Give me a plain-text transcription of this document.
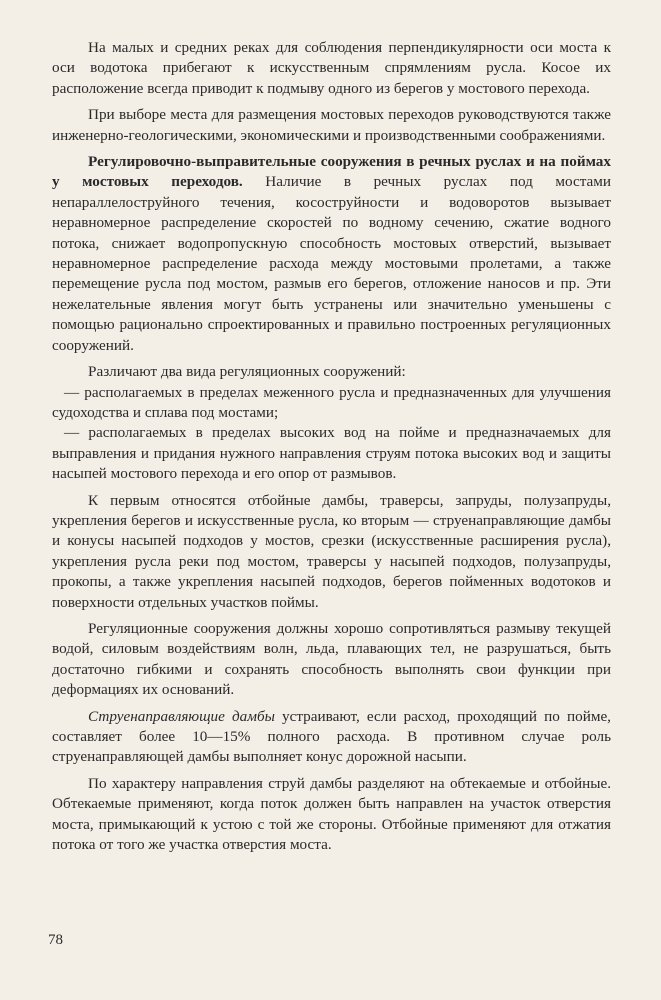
На малых и средних реках для соблюдения перпендикулярности оси моста к оси водотока прибегают к искусственным спрямлениям русла. Косое их расположение всегда приводит к подмыву одного из берегов у мостового перехода.

При выборе места для размещения мостовых переходов руководствуются также инженерно-геологическими, экономическими и производственными соображениями.

Регулировочно-выправительные сооружения в речных руслах и на поймах у мостовых переходов. Наличие в речных руслах под мостами непараллелоструйного течения, косоструйности и водоворотов вызывает неравномерное распределение скоростей по водному сечению, сжатие водного потока, снижает водопропускную способность мостовых отверстий, вызывает неравномерное распределение расхода между мостовыми пролетами, а также перемещение русла под мостом, размыв его берегов, отложение наносов и пр. Эти нежелательные явления могут быть устранены или значительно уменьшены с помощью рационально спроектированных и правильно построенных регуляционных сооружений.

Различают два вида регуляционных сооружений:

— располагаемых в пределах меженного русла и предназначенных для улучшения судоходства и сплава под мостами;

— располагаемых в пределах высоких вод на пойме и предназначаемых для выправления и придания нужного направления струям потока высоких вод и защиты насыпей мостового перехода и его опор от размывов.

К первым относятся отбойные дамбы, траверсы, запруды, полузапруды, укрепления берегов и искусственные русла, ко вторым — струенаправляющие дамбы и конусы насыпей подходов у мостов, срезки (искусственные расширения русла), укрепления русла реки под мостом, траверсы у насыпей подходов, полузапруды, прокопы, а также укрепления насыпей подходов, берегов пойменных водотоков и поверхности отдельных участков поймы.

Регуляционные сооружения должны хорошо сопротивляться размыву текущей водой, силовым воздействиям волн, льда, плавающих тел, не разрушаться, быть достаточно гибкими и сохранять способность выполнять свои функции при деформациях их оснований.

Струенаправляющие дамбы устраивают, если расход, проходящий по пойме, составляет более 10—15% полного расхода. В противном случае роль струенаправляющей дамбы выполняет конус дорожной насыпи.

По характеру направления струй дамбы разделяют на обтекаемые и отбойные. Обтекаемые применяют, когда поток должен быть направлен на участок отверстия моста, примыкающий к устою с той же стороны. Отбойные применяют для отжатия потока от того же участка отверстия моста.

78
